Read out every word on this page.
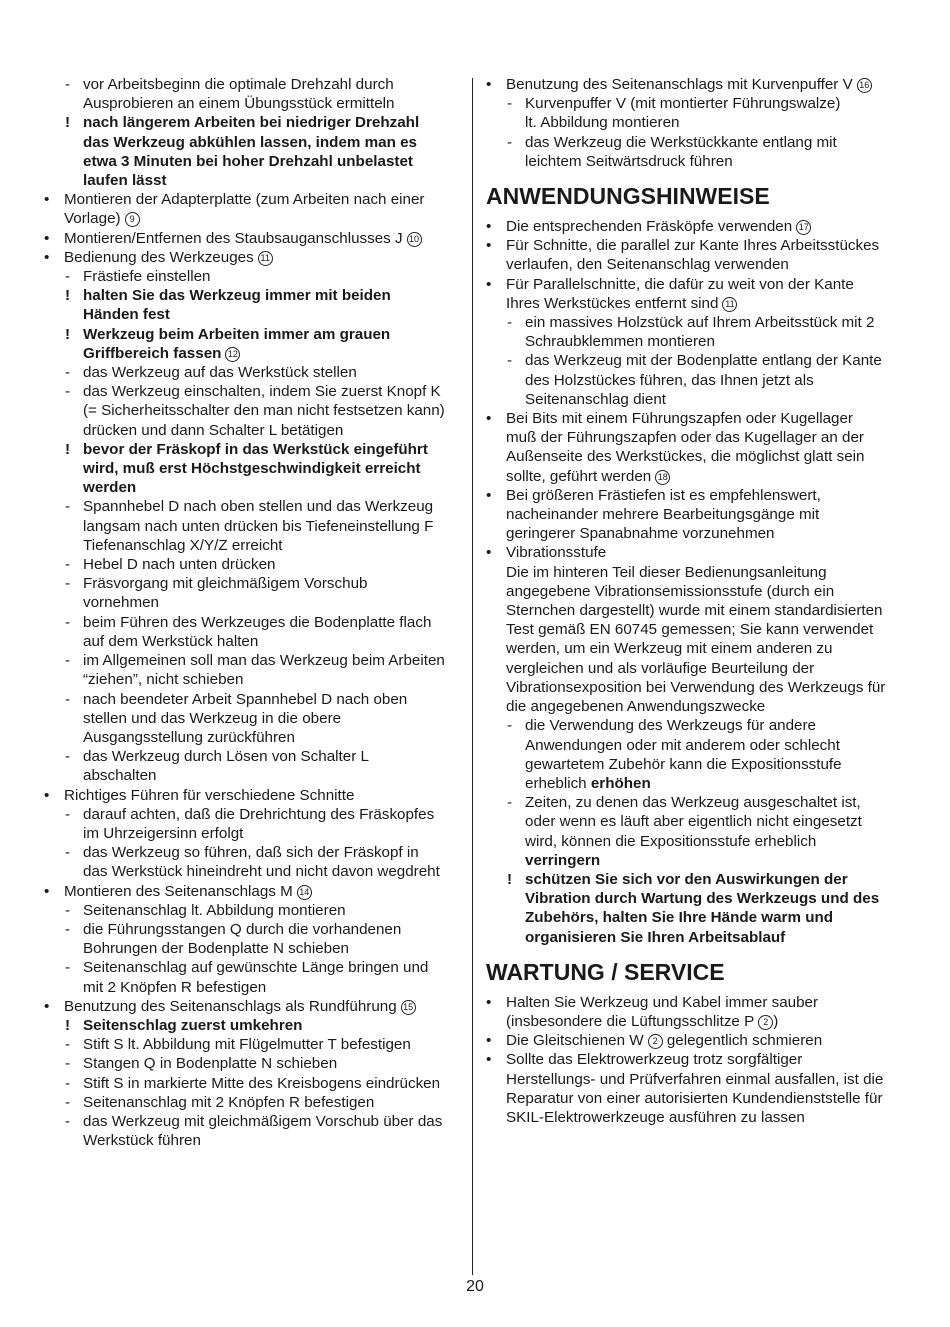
- vor Arbeitsbeginn die optimale Drehzahl durch
Ausprobieren an einem Übungsstück ermitteln
! nach längerem Arbeiten bei niedriger Drehzahl
das Werkzeug abkühlen lassen, indem man es
etwa 3 Minuten bei hoher Drehzahl unbelastet
laufen lässt
• Montieren der Adapterplatte (zum Arbeiten nach einer
Vorlage) 9
• Montieren/Entfernen des Staubsauganschlusses J 10
• Bedienung des Werkzeuges 11
- Frästiefe einstellen
! halten Sie das Werkzeug immer mit beiden
Händen fest
! Werkzeug beim Arbeiten immer am grauen
Griffbereich fassen 12
- das Werkzeug auf das Werkstück stellen
- das Werkzeug einschalten, indem Sie zuerst Knopf K
(= Sicherheitsschalter den man nicht festsetzen kann)
drücken und dann Schalter L betätigen
! bevor der Fräskopf in das Werkstück eingeführt
wird, muß erst Höchstgeschwindigkeit erreicht
werden
- Spannhebel D nach oben stellen und das Werkzeug
langsam nach unten drücken bis Tiefeneinstellung F
Tiefenanschlag X/Y/Z erreicht
- Hebel D nach unten drücken
- Fräsvorgang mit gleichmäßigem Vorschub
vornehmen
- beim Führen des Werkzeuges die Bodenplatte flach
auf dem Werkstück halten
- im Allgemeinen soll man das Werkzeug beim Arbeiten
“ziehen”, nicht schieben
- nach beendeter Arbeit Spannhebel D nach oben
stellen und das Werkzeug in die obere
Ausgangsstellung zurückführen
- das Werkzeug durch Lösen von Schalter L
abschalten
• Richtiges Führen für verschiedene Schnitte
- darauf achten, daß die Drehrichtung des Fräskopfes
im Uhrzeigersinn erfolgt
- das Werkzeug so führen, daß sich der Fräskopf in
das Werkstück hineindreht und nicht davon wegdreht
• Montieren des Seitenanschlags M 14
- Seitenanschlag lt. Abbildung montieren
- die Führungsstangen Q durch die vorhandenen
Bohrungen der Bodenplatte N schieben
- Seitenanschlag auf gewünschte Länge bringen und
mit 2 Knöpfen R befestigen
• Benutzung des Seitenanschlags als Rundführung 15
! Seitenschlag zuerst umkehren
- Stift S lt. Abbildung mit Flügelmutter T befestigen
- Stangen Q in Bodenplatte N schieben
- Stift S in markierte Mitte des Kreisbogens eindrücken
- Seitenanschlag mit 2 Knöpfen R befestigen
- das Werkzeug mit gleichmäßigem Vorschub über das
Werkstück führen
• Benutzung des Seitenanschlags mit Kurvenpuffer V 16
- Kurvenpuffer V (mit montierter Führungswalze)
lt. Abbildung montieren
- das Werkzeug die Werkstückkante entlang mit
leichtem Seitwärtsdruck führen
ANWENDUNGSHINWEISE
• Die entsprechenden Fräsköpfe verwenden 17
• Für Schnitte, die parallel zur Kante Ihres Arbeitsstückes
verlaufen, den Seitenanschlag verwenden
• Für Parallelschnitte, die dafür zu weit von der Kante
Ihres Werkstückes entfernt sind 11
- ein massives Holzstück auf Ihrem Arbeitsstück mit 2
Schraubklemmen montieren
- das Werkzeug mit der Bodenplatte entlang der Kante
des Holzstückes führen, das Ihnen jetzt als
Seitenanschlag dient
• Bei Bits mit einem Führungszapfen oder Kugellager
muß der Führungszapfen oder das Kugellager an der
Außenseite des Werkstückes, die möglichst glatt sein
sollte, geführt werden 18
• Bei größeren Frästiefen ist es empfehlenswert,
nacheinander mehrere Bearbeitungsgänge mit
geringerer Spanabnahme vorzunehmen
• Vibrationsstufe
Die im hinteren Teil dieser Bedienungsanleitung
angegebene Vibrationsemissionsstufe (durch ein
Sternchen dargestellt) wurde mit einem standardisierten
Test gemäß EN 60745 gemessen; Sie kann verwendet
werden, um ein Werkzeug mit einem anderen zu
vergleichen und als vorläufige Beurteilung der
Vibrationsexposition bei Verwendung des Werkzeugs für
die angegebenen Anwendungszwecke
- die Verwendung des Werkzeugs für andere
Anwendungen oder mit anderem oder schlecht
gewartetem Zubehör kann die Expositionsstufe
erheblich erhöhen
- Zeiten, zu denen das Werkzeug ausgeschaltet ist,
oder wenn es läuft aber eigentlich nicht eingesetzt
wird, können die Expositionsstufe erheblich
verringern
! schützen Sie sich vor den Auswirkungen der
Vibration durch Wartung des Werkzeugs und des
Zubehörs, halten Sie Ihre Hände warm und
organisieren Sie Ihren Arbeitsablauf
WARTUNG / SERVICE
• Halten Sie Werkzeug und Kabel immer sauber
(insbesondere die Lüftungsschlitze P 2 )
• Die Gleitschienen W 2 gelegentlich schmieren
• Sollte das Elektrowerkzeug trotz sorgfältiger
Herstellungs- und Prüfverfahren einmal ausfallen, ist die
Reparatur von einer autorisierten Kundendienststelle für
SKIL-Elektrowerkzeuge ausführen zu lassen
20
